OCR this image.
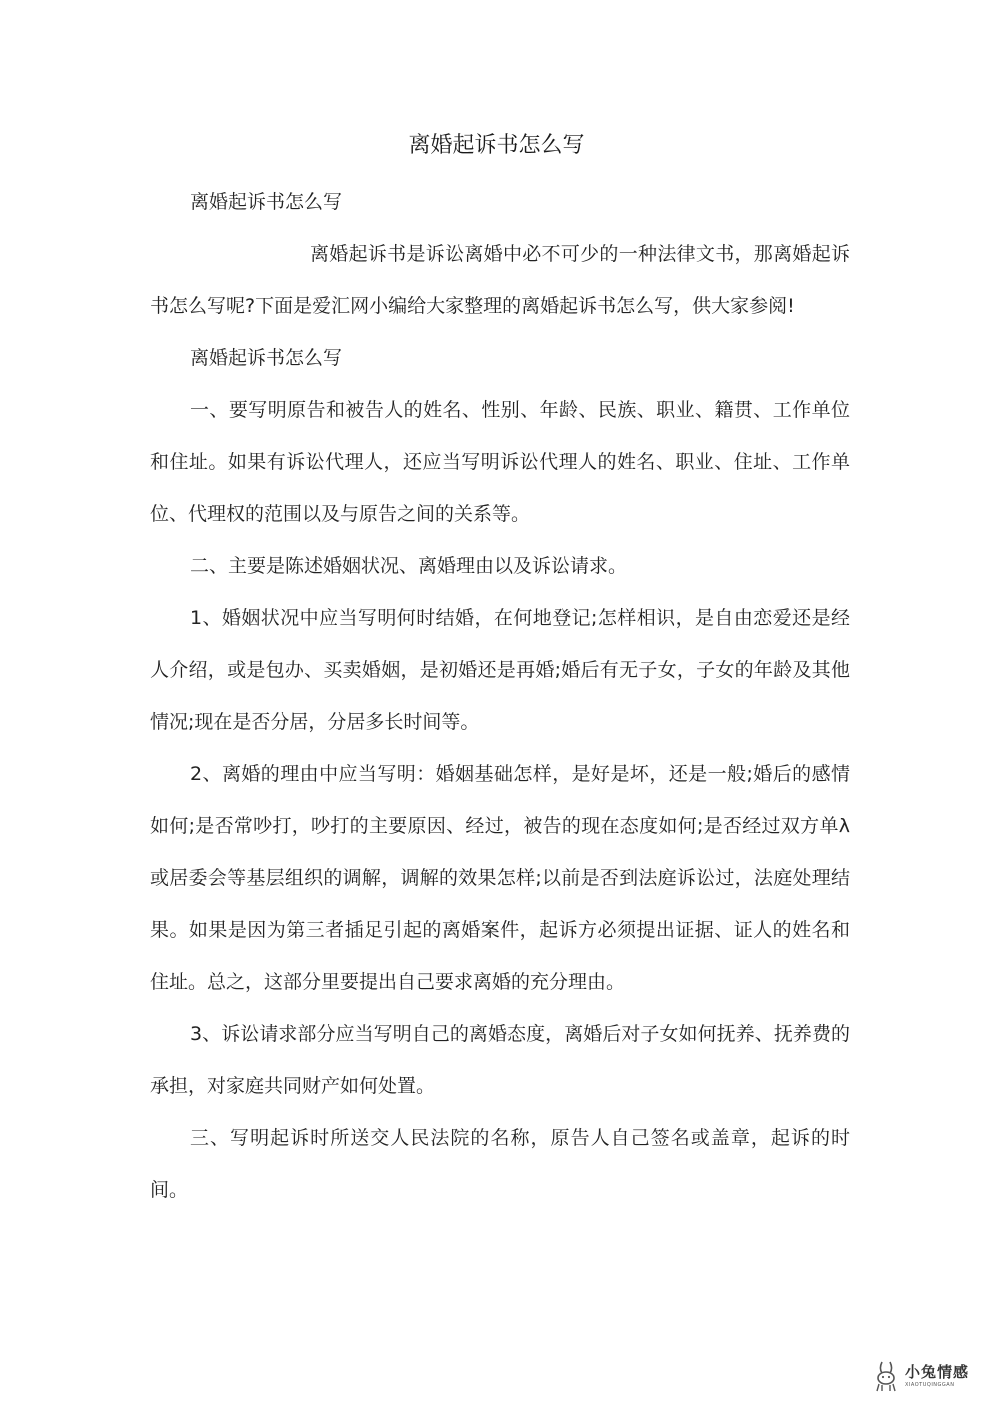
离婚起诉书怎么写

离婚起诉书怎么写

离婚起诉书是诉讼离婚中必不可少的一种法律文书，那离婚起诉书怎么写呢?下面是爱汇网小编给大家整理的离婚起诉书怎么写，供大家参阅!

离婚起诉书怎么写

一、要写明原告和被告人的姓名、性别、年龄、民族、职业、籍贯、工作单位和住址。如果有诉讼代理人，还应当写明诉讼代理人的姓名、职业、住址、工作单位、代理权的范围以及与原告之间的关系等。

二、主要是陈述婚姻状况、离婚理由以及诉讼请求。

1、婚姻状况中应当写明何时结婚，在何地登记;怎样相识，是自由恋爱还是经人介绍，或是包办、买卖婚姻，是初婚还是再婚;婚后有无子女，子女的年龄及其他情况;现在是否分居，分居多长时间等。

2、离婚的理由中应当写明：婚姻基础怎样，是好是坏，还是一般;婚后的感情如何;是否常吵打，吵打的主要原因、经过，被告的现在态度如何;是否经过双方单λ或居委会等基层组织的调解，调解的效果怎样;以前是否到法庭诉讼过，法庭处理结果。如果是因为第三者插足引起的离婚案件，起诉方必须提出证据、证人的姓名和住址。总之，这部分里要提出自己要求离婚的充分理由。

3、诉讼请求部分应当写明自己的离婚态度，离婚后对子女如何抚养、抚养费的承担，对家庭共同财产如何处置。

三、写明起诉时所送交人民法院的名称，原告人自己签名或盖章，起诉的时间。

小兔情感
XIAOTUQINGGAN
